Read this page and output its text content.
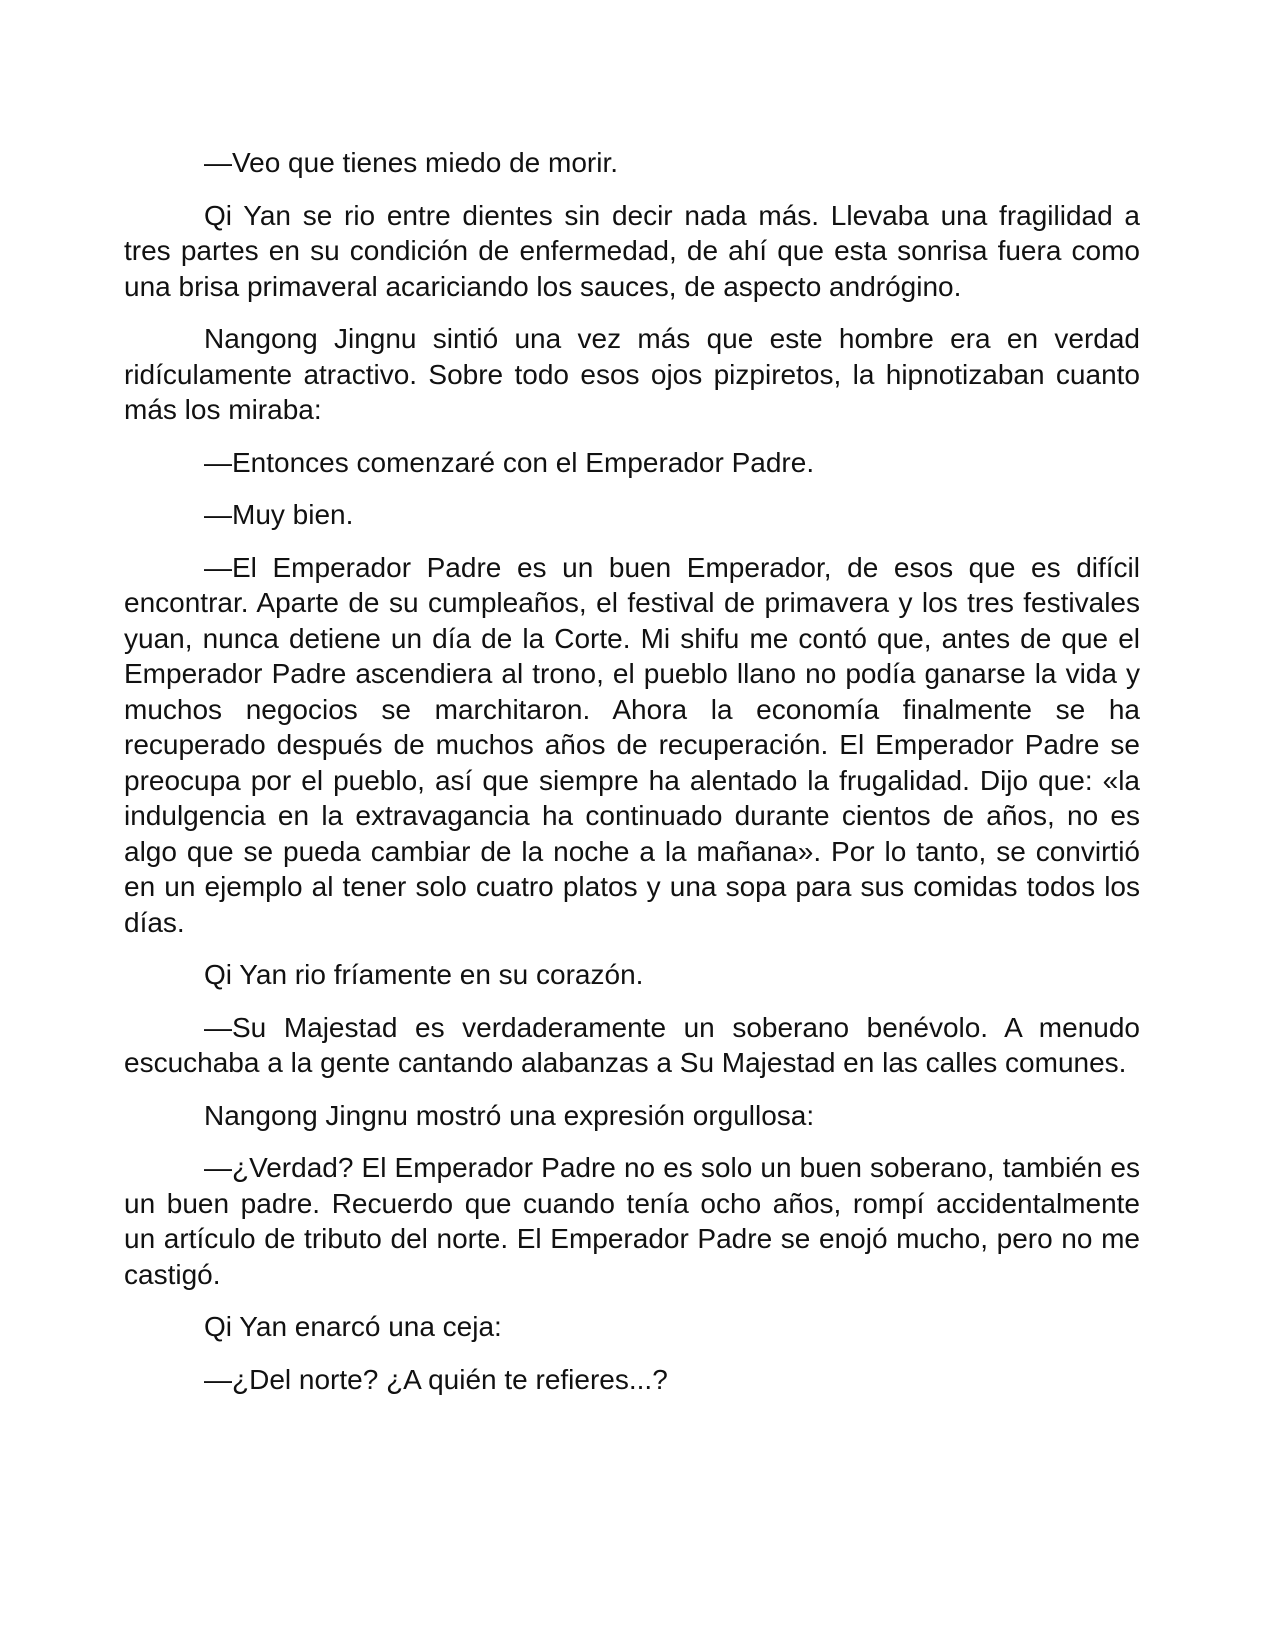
—Veo que tienes miedo de morir.

Qi Yan se rio entre dientes sin decir nada más. Llevaba una fragilidad a tres partes en su condición de enfermedad, de ahí que esta sonrisa fuera como una brisa primaveral acariciando los sauces, de aspecto andrógino.

Nangong Jingnu sintió una vez más que este hombre era en verdad ridículamente atractivo. Sobre todo esos ojos pizpiretos, la hipnotizaban cuanto más los miraba:

—Entonces comenzaré con el Emperador Padre.

—Muy bien.

—El Emperador Padre es un buen Emperador, de esos que es difícil encontrar. Aparte de su cumpleaños, el festival de primavera y los tres festivales yuan, nunca detiene un día de la Corte. Mi shifu me contó que, antes de que el Emperador Padre ascendiera al trono, el pueblo llano no podía ganarse la vida y muchos negocios se marchitaron. Ahora la economía finalmente se ha recuperado después de muchos años de recuperación. El Emperador Padre se preocupa por el pueblo, así que siempre ha alentado la frugalidad. Dijo que: «la indulgencia en la extravagancia ha continuado durante cientos de años, no es algo que se pueda cambiar de la noche a la mañana». Por lo tanto, se convirtió en un ejemplo al tener solo cuatro platos y una sopa para sus comidas todos los días.

Qi Yan rio fríamente en su corazón.

—Su Majestad es verdaderamente un soberano benévolo. A menudo escuchaba a la gente cantando alabanzas a Su Majestad en las calles comunes.

Nangong Jingnu mostró una expresión orgullosa:

—¿Verdad? El Emperador Padre no es solo un buen soberano, también es un buen padre. Recuerdo que cuando tenía ocho años, rompí accidentalmente un artículo de tributo del norte. El Emperador Padre se enojó mucho, pero no me castigó.

Qi Yan enarcó una ceja:

—¿Del norte? ¿A quién te refieres...?
